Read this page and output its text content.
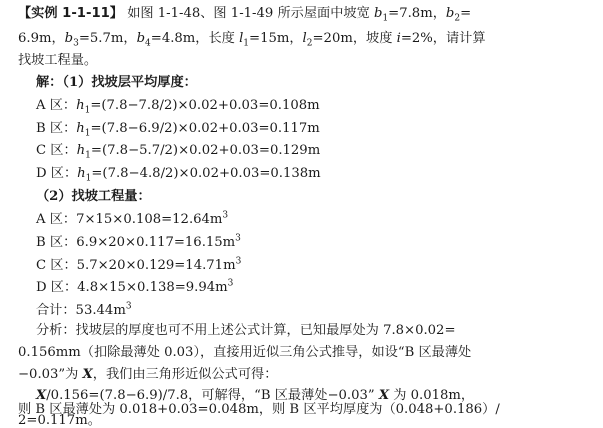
【实例 1-1-11】 如图 1-1-48、图 1-1-49 所示屋面中坡宽 $b_1=7.8m$，$b_2=$
6.9m，$b_3=5.7m$，$b_4=4.8m$，长度 $l_1=15m$，$l_2=20m$，坡度 i=2%，请计算
找坡工程量。
解：（1）找坡层平均厚度：
A 区：$h_1=(7.8-7.8/2)\times 0.02+0.03=0.108m$
B 区：$h_1=(7.8-6.9/2)\times 0.02+0.03=0.117m$
C 区：$h_1=(7.8-5.7/2)\times 0.02+0.03=0.129m$
D 区：$h_1=(7.8-4.8/2)\times 0.02+0.03=0.138m$
（2）找坡工程量：
A 区：$7\times 15\times 0.108=12.64m^3$
B 区：$6.9\times 20\times 0.117=16.15m^3$
C 区：$5.7\times 20\times 0.129=14.71m^3$
D 区：$4.8\times 15\times 0.138=9.94m^3$
合计：$53.44m^3$
分析：找坡层的厚度也可不用上述公式计算，已知最厚处为 7.8×0.02=
0.156mm（扣除最薄处 0.03），直接用近似三角公式推导，如设“B 区最薄处
−0.03”为 X，我们由三角形近似公式可得：
X/0.156=(7.8−6.9)/7.8，可解得，“B 区最薄处−0.03” X 为 0.018m，
则 B 区最薄处为 0.018+0.03=0.048m，则 B 区平均厚度为（0.048+0.186）/
2=0.117m。
